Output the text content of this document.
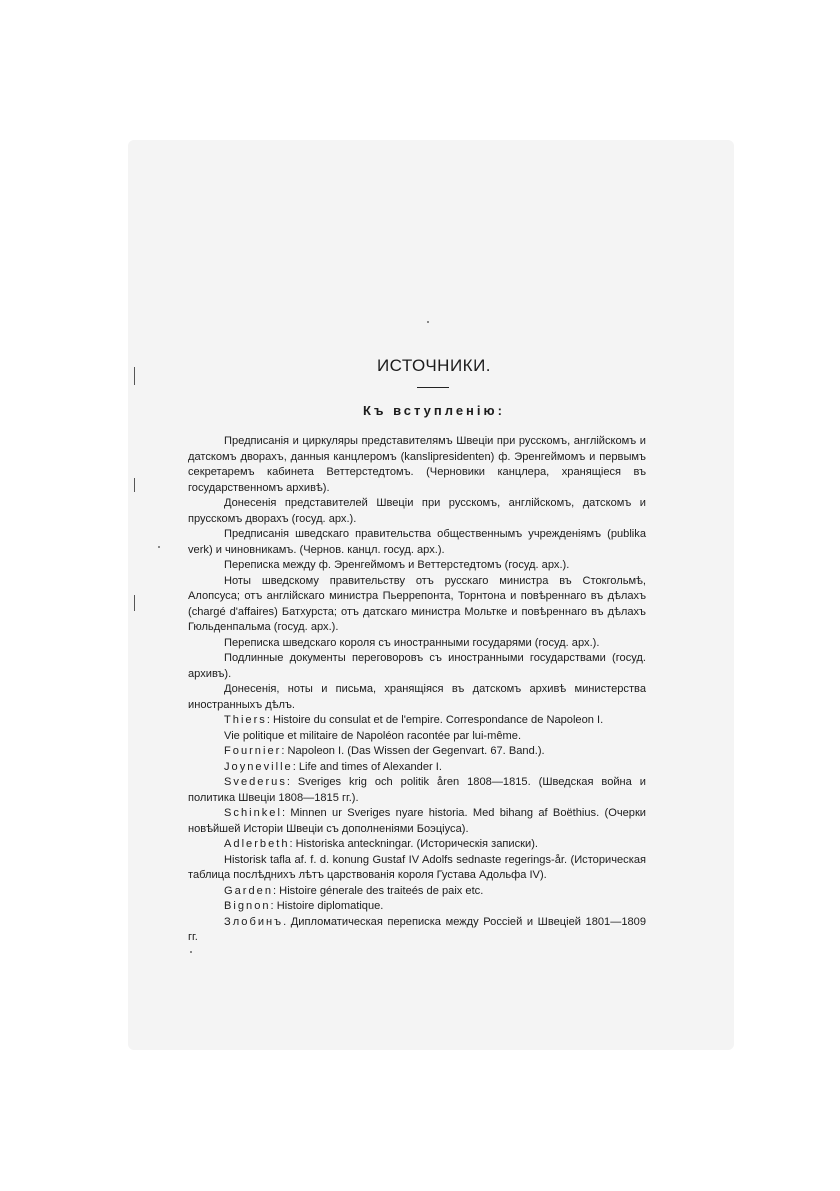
ИСТОЧНИКИ.
Къ вступленiю:

Предписанiя и циркуляры представителямъ Швецiи при русскомъ, англiйскомъ и датскомъ дворахъ, данныя канцлеромъ (kanslipresidenten) ф. Эренгеймомъ и первымъ секретаремъ кабинета Веттерстедтомъ. (Черновики канцлера, хранящiеся въ государственномъ архивѣ).

Донесенiя представителей Швецiи при русскомъ, англiйскомъ, датскомъ и прусскомъ дворахъ (госуд. арх.).

Предписанiя шведскаго правительства общественнымъ учрежденiямъ (publika verk) и чиновникамъ. (Чернов. канцл. госуд. арх.).

Переписка между ф. Эренгеймомъ и Веттерстедтомъ (госуд. арх.).

Ноты шведскому правительству отъ русскаго министра въ Стокгольмѣ, Алопсуса; отъ англiйскаго министра Пьеррепонта, Торнтона и повѣреннаго въ дѣлахъ (chargé d'affaires) Батхурста; отъ датскаго министра Мольтке и повѣреннаго въ дѣлахъ Гюльденпальма (госуд. арх.).

Переписка шведскаго короля съ иностранными государями (госуд. арх.).

Подлинные документы переговоровъ съ иностранными государствами (госуд. архивъ).

Донесенiя, ноты и письма, хранящiяся въ датскомъ архивѣ министерства иностранныхъ дѣлъ.

Thiers: Histoire du consulat et de l'empire. Correspondance de Napoleon I.

Vie politique et militaire de Napoléon racontée par lui-même.

Fournier: Napoleon I. (Das Wissen der Gegenvart. 67. Band.).

Joyneville: Life and times of Alexander I.

Svederus: Sveriges krig och politik åren 1808—1815. (Шведская война и политика Швецiи 1808—1815 гг.).

Schinkel: Minnen ur Sveriges nyare historia. Med bihang af Boëthius. (Очерки новѣйшей Исторiи Швецiи съ дополненiями Боэцiуса).

Adlerbeth: Historiska anteckningar. (Историческiя записки).

Historisk tafla af. f. d. konung Gustaf IV Adolfs sednaste regerings-år. (Историческая таблица послѣднихъ лѣтъ царствованiя короля Густава Адольфа IV).

Garden: Histoire génerale des traiteés de paix etc.

Bignon: Histoire diplomatique.

Злобинъ. Дипломатическая переписка между Россiей и Швецiей 1801—1809 гг.
